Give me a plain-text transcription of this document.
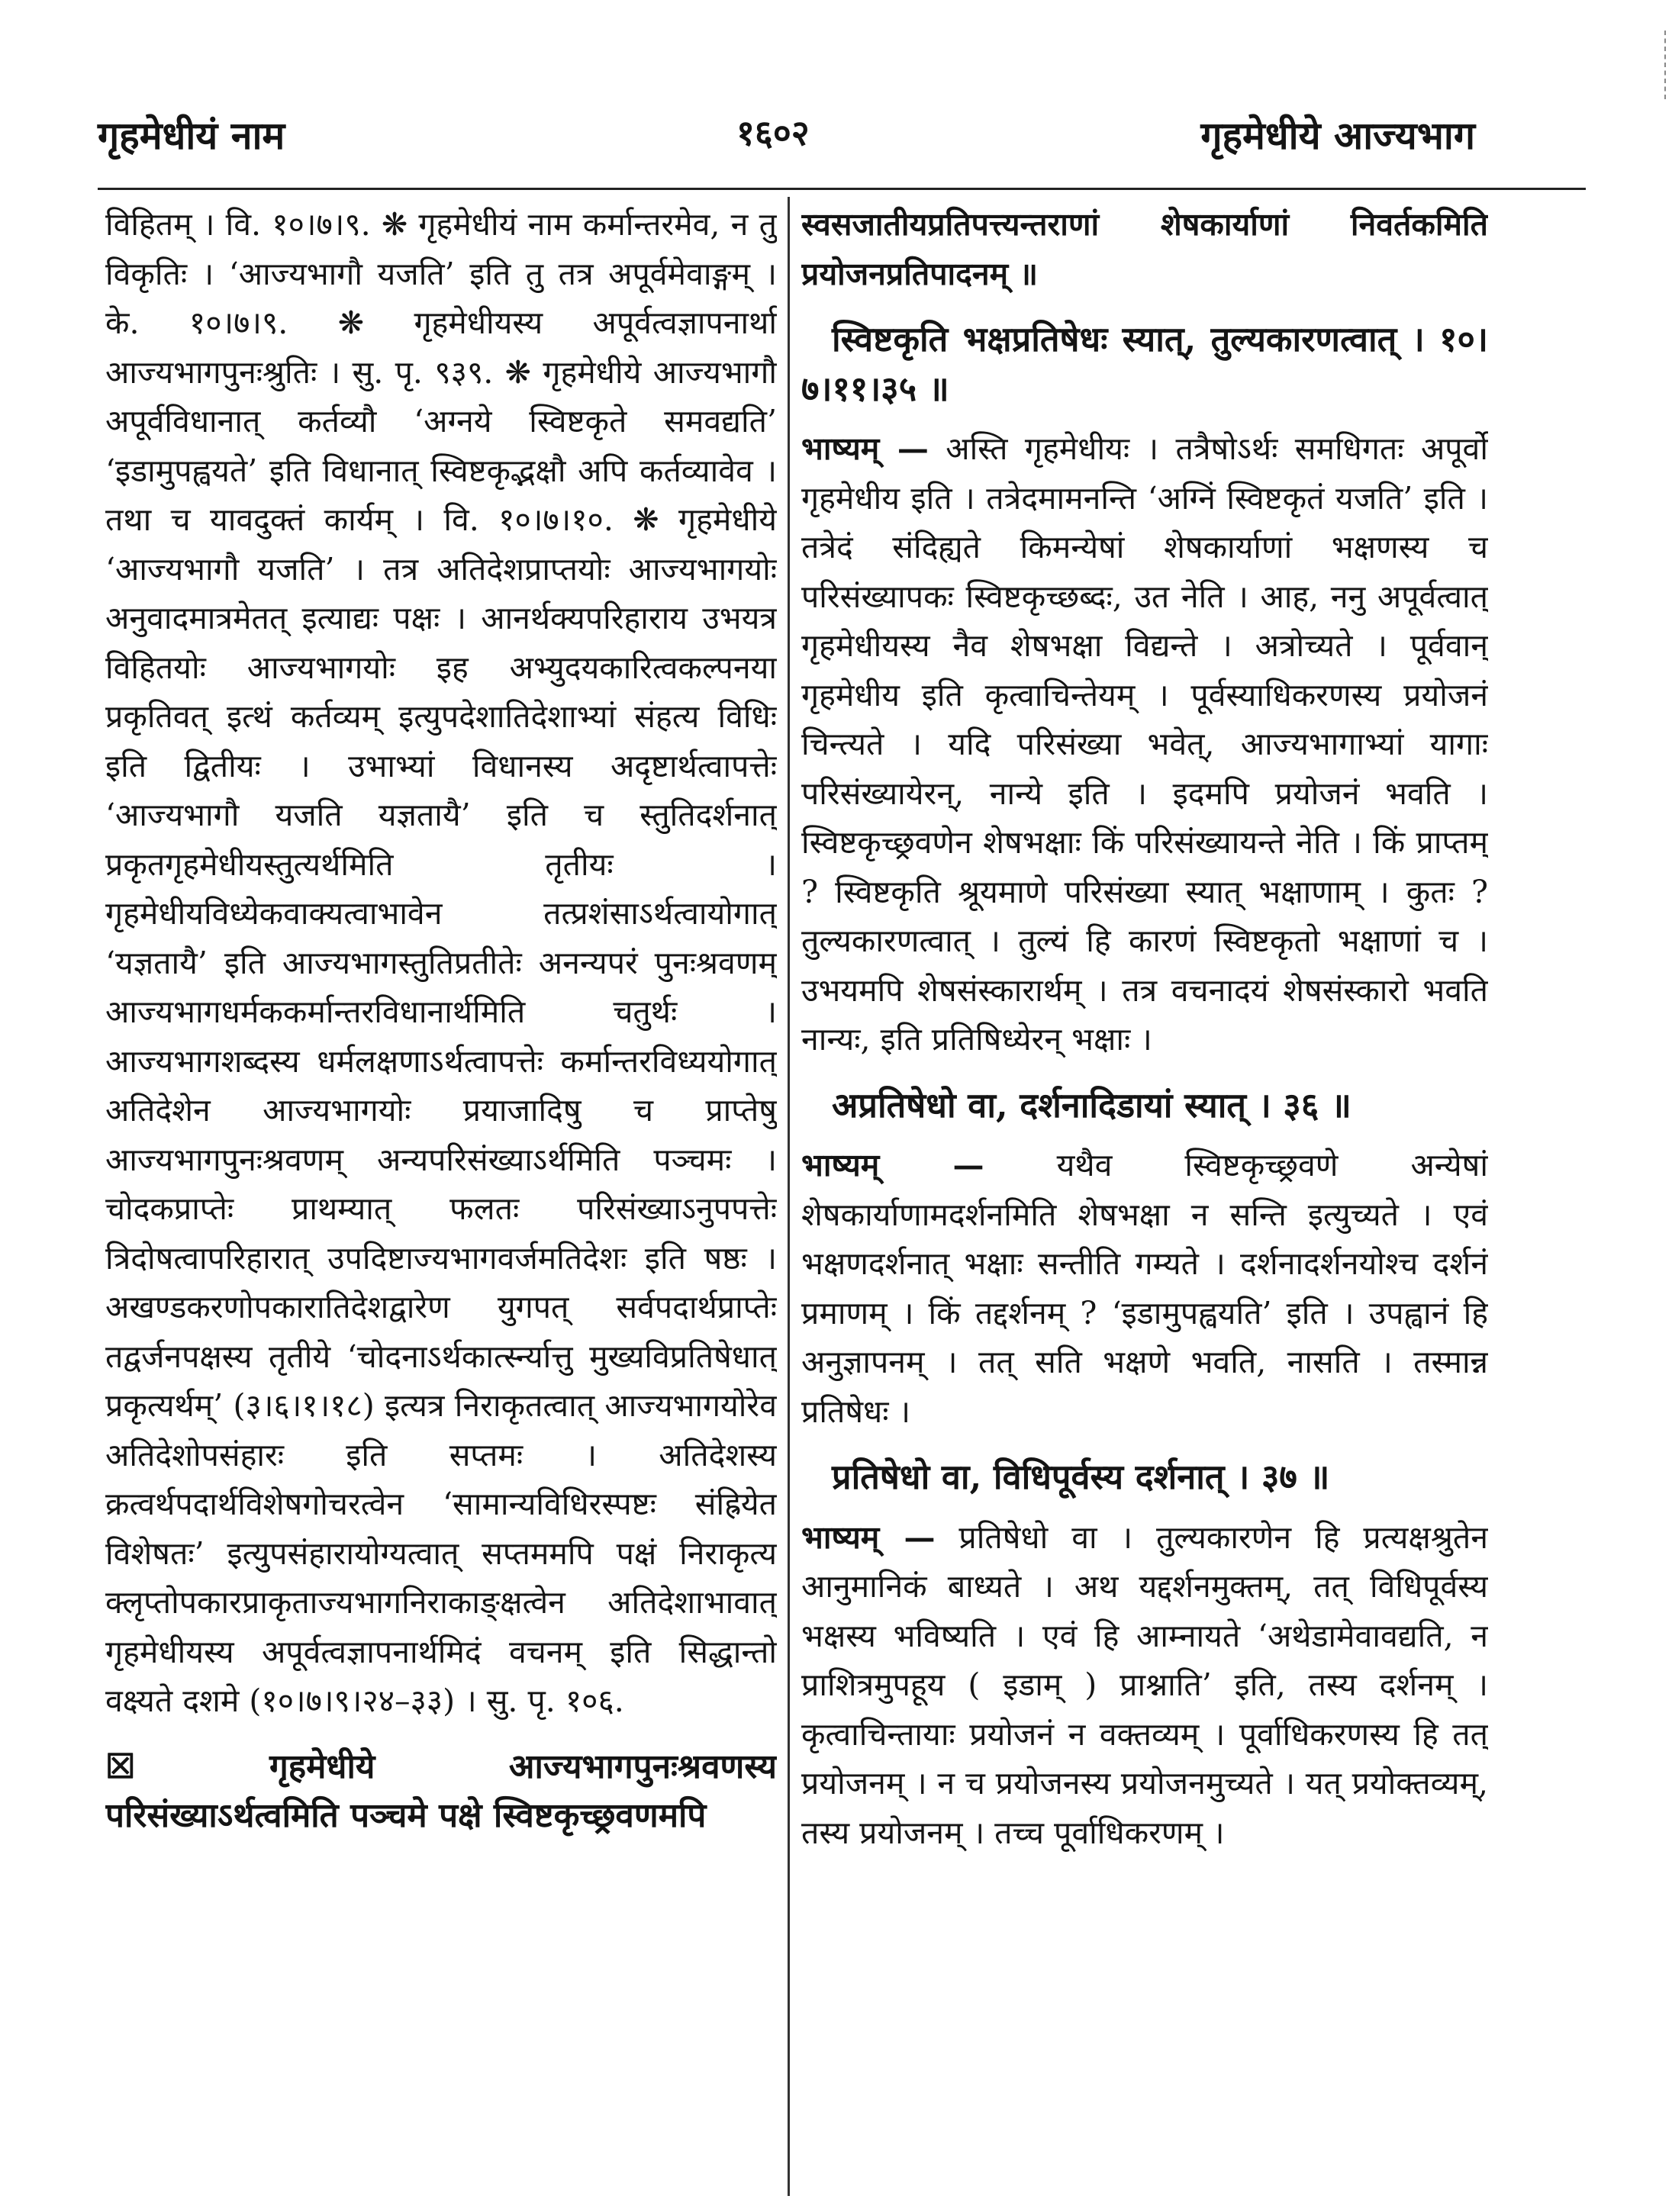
गृहमेधीयं नाम	१६०२	गृहमेधीये आज्यभाग

विहितम् । वि. १०।७।९. ❋ गृहमेधीयं नाम कर्मान्तरमेव, न तु विकृतिः । ‘आज्यभागौ यजति’ इति तु तत्र अपूर्वमेवाङ्गम् । के. १०।७।९. ❋ गृहमेधीयस्य अपूर्वत्वज्ञापनार्था आज्यभागपुनःश्रुतिः । सु. पृ. ९३९. ❋ गृहमेधीये आज्यभागौ अपूर्वविधानात् कर्तव्यौ ‘अग्नये स्विष्टकृते समवद्यति’ ‘इडामुपह्वयते’ इति विधानात् स्विष्टकृद्भक्षौ अपि कर्तव्यावेव । तथा च यावदुक्तं कार्यम् । वि. १०।७।१०. ❋ गृहमेधीये ‘आज्यभागौ यजति’ । तत्र अतिदेशप्राप्तयोः आज्यभागयोः अनुवादमात्रमेतत् इत्याद्यः पक्षः । आनर्थक्यपरिहाराय उभयत्र विहितयोः आज्यभागयोः इह अभ्युदयकारित्वकल्पनया प्रकृतिवत् इत्थं कर्तव्यम् इत्युपदेशातिदेशाभ्यां संहत्य विधिः इति द्वितीयः । उभाभ्यां विधानस्य अदृष्टार्थत्वापत्तेः ‘आज्यभागौ यजति यज्ञतायै’ इति च स्तुतिदर्शनात् प्रकृतगृहमेधीयस्तुत्यर्थमिति तृतीयः । गृहमेधीयविध्येकवाक्यत्वाभावेन तत्प्रशंसाऽर्थत्वायोगात् ‘यज्ञतायै’ इति आज्यभागस्तुतिप्रतीतेः अनन्यपरं पुनःश्रवणम् आज्यभागधर्मककर्मान्तरविधानार्थमिति चतुर्थः । आज्यभागशब्दस्य धर्मलक्षणाऽर्थत्वापत्तेः कर्मान्तरविध्ययोगात् अतिदेशेन आज्यभागयोः प्रयाजादिषु च प्राप्तेषु आज्यभागपुनःश्रवणम् अन्यपरिसंख्याऽर्थमिति पञ्चमः । चोदकप्राप्तेः प्राथम्यात् फलतः परिसंख्याऽनुपपत्तेः त्रिदोषत्वापरिहारात् उपदिष्टाज्यभागवर्जमतिदेशः इति षष्ठः । अखण्डकरणोपकारातिदेशद्वारेण युगपत् सर्वपदार्थप्राप्तेः तद्वर्जनपक्षस्य तृतीये ‘चोदनाऽर्थकार्त्स्न्यात्तु मुख्यविप्रतिषेधात् प्रकृत्यर्थम्’ (३।६।१।१८) इत्यत्र निराकृतत्वात् आज्यभागयोरेव अतिदेशोपसंहारः इति सप्तमः । अतिदेशस्य क्रत्वर्थपदार्थविशेषगोचरत्वेन ‘सामान्यविधिरस्पष्टः संह्रियेत विशेषतः’ इत्युपसंहारायोग्यत्वात् सप्तममपि पक्षं निराकृत्य क्लृप्तोपकारप्राकृताज्यभागनिराकाङ्क्षत्वेन अतिदेशाभावात् गृहमेधीयस्य अपूर्वत्वज्ञापनार्थमिदं वचनम् इति सिद्धान्तो वक्ष्यते दशमे (१०।७।९।२४–३३) । सु. पृ. १०६.

☒ गृहमेधीये आज्यभागपुनःश्रवणस्य परिसंख्याऽर्थत्वमिति पञ्चमे पक्षे स्विष्टकृच्छ्रवणमपि

स्वसजातीयप्रतिपत्त्यन्तराणां शेषकार्याणां निवर्तकमिति प्रयोजनप्रतिपादनम् ॥

स्विष्टकृति भक्षप्रतिषेधः स्यात्, तुल्यकारणत्वात् । १०।७।११।३५ ॥

भाष्यम् — अस्ति गृहमेधीयः । तत्रैषोऽर्थः समधिगतः अपूर्वो गृहमेधीय इति । तत्रेदमामनन्ति ‘अग्निं स्विष्टकृतं यजति’ इति । तत्रेदं संदिह्यते किमन्येषां शेषकार्याणां भक्षणस्य च परिसंख्यापकः स्विष्टकृच्छब्दः, उत नेति । आह, ननु अपूर्वत्वात् गृहमेधीयस्य नैव शेषभक्षा विद्यन्ते । अत्रोच्यते । पूर्ववान् गृहमेधीय इति कृत्वाचिन्तेयम् । पूर्वस्याधिकरणस्य प्रयोजनं चिन्त्यते । यदि परिसंख्या भवेत्, आज्यभागाभ्यां यागाः परिसंख्यायेरन्, नान्ये इति । इदमपि प्रयोजनं भवति । स्विष्टकृच्छ्रवणेन शेषभक्षाः किं परिसंख्यायन्ते नेति । किं प्राप्तम् ? स्विष्टकृति श्रूयमाणे परिसंख्या स्यात् भक्षाणाम् । कुतः ? तुल्यकारणत्वात् । तुल्यं हि कारणं स्विष्टकृतो भक्षाणां च । उभयमपि शेषसंस्कारार्थम् । तत्र वचनादयं शेषसंस्कारो भवति नान्यः, इति प्रतिषिध्येरन् भक्षाः ।

अप्रतिषेधो वा, दर्शनादिडायां स्यात् । ३६ ॥

भाष्यम् — यथैव स्विष्टकृच्छ्रवणे अन्येषां शेषकार्याणामदर्शनमिति शेषभक्षा न सन्ति इत्युच्यते । एवं भक्षणदर्शनात् भक्षाः सन्तीति गम्यते । दर्शनादर्शनयोश्च दर्शनं प्रमाणम् । किं तद्दर्शनम् ? ‘इडामुपह्वयति’ इति । उपह्वानं हि अनुज्ञापनम् । तत् सति भक्षणे भवति, नासति । तस्मान्न प्रतिषेधः ।

प्रतिषेधो वा, विधिपूर्वस्य दर्शनात् । ३७ ॥

भाष्यम् — प्रतिषेधो वा । तुल्यकारणेन हि प्रत्यक्षश्रुतेन आनुमानिकं बाध्यते । अथ यद्दर्शनमुक्तम्, तत् विधिपूर्वस्य भक्षस्य भविष्यति । एवं हि आम्नायते ‘अथेडामेवावद्यति, न प्राशित्रमुपहूय ( इडाम् ) प्राश्नाति’ इति, तस्य दर्शनम् । कृत्वाचिन्तायाः प्रयोजनं न वक्तव्यम् । पूर्वाधिकरणस्य हि तत् प्रयोजनम् । न च प्रयोजनस्य प्रयोजनमुच्यते । यत् प्रयोक्तव्यम्, तस्य प्रयोजनम् । तच्च पूर्वाधिकरणम् ।
